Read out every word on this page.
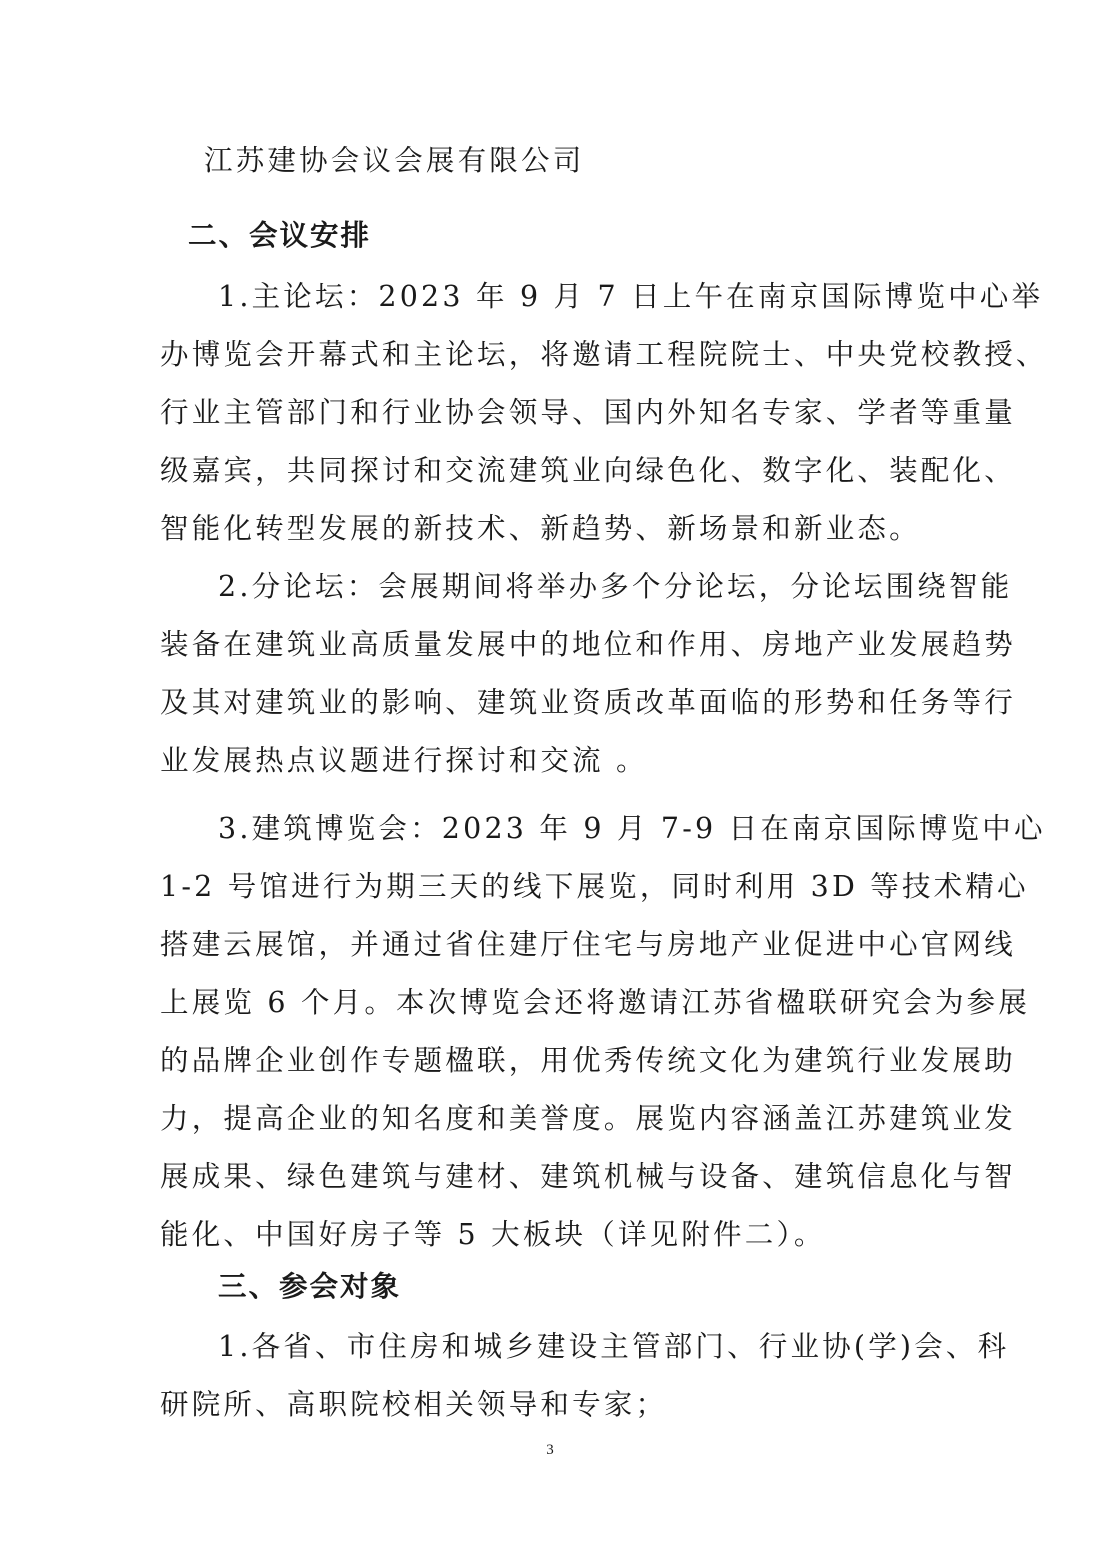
江苏建协会议会展有限公司
二、会议安排
1.主论坛：2023 年 9 月 7 日上午在南京国际博览中心举
办博览会开幕式和主论坛，将邀请工程院院士、中央党校教授、
行业主管部门和行业协会领导、国内外知名专家、学者等重量
级嘉宾，共同探讨和交流建筑业向绿色化、数字化、装配化、
智能化转型发展的新技术、新趋势、新场景和新业态。
2.分论坛：会展期间将举办多个分论坛，分论坛围绕智能
装备在建筑业高质量发展中的地位和作用、房地产业发展趋势
及其对建筑业的影响、建筑业资质改革面临的形势和任务等行
业发展热点议题进行探讨和交流 。
3.建筑博览会：2023 年 9 月 7-9 日在南京国际博览中心
1-2 号馆进行为期三天的线下展览，同时利用 3D 等技术精心
搭建云展馆，并通过省住建厅住宅与房地产业促进中心官网线
上展览 6 个月。本次博览会还将邀请江苏省楹联研究会为参展
的品牌企业创作专题楹联，用优秀传统文化为建筑行业发展助
力，提高企业的知名度和美誉度。展览内容涵盖江苏建筑业发
展成果、绿色建筑与建材、建筑机械与设备、建筑信息化与智
能化、中国好房子等 5 大板块（详见附件二）。
三、参会对象
1.各省、市住房和城乡建设主管部门、行业协(学)会、科
研院所、高职院校相关领导和专家；
3
